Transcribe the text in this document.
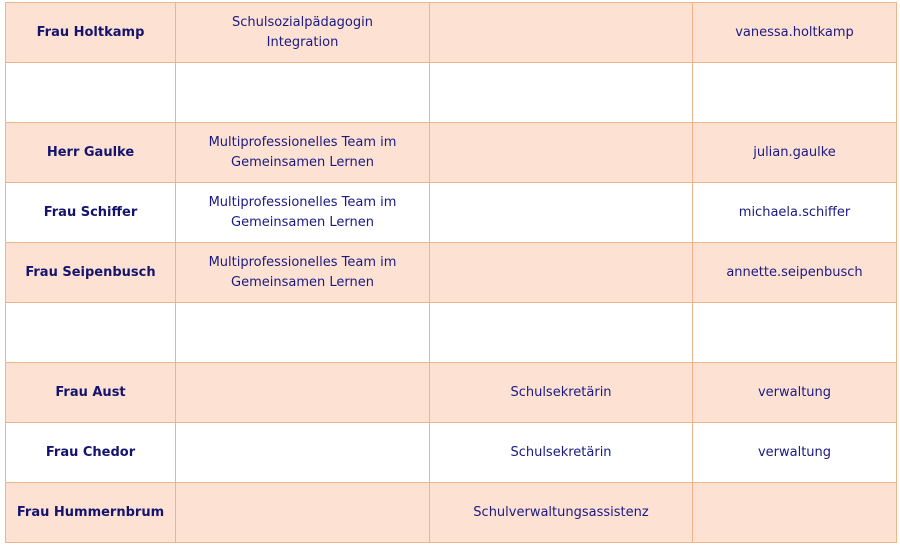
Frau Holtkamp	Schulsozialpädagogin Integration		vanessa.holtkamp

Herr Gaulke	Multiprofessionelles Team im Gemeinsamen Lernen		julian.gaulke
Frau Schiffer	Multiprofessionelles Team im Gemeinsamen Lernen		michaela.schiffer
Frau Seipenbusch	Multiprofessionelles Team im Gemeinsamen Lernen		annette.seipenbusch

Frau Aust		Schulsekretärin	verwaltung
Frau Chedor		Schulsekretärin	verwaltung
Frau Hummernbrum		Schulverwaltungsassistenz	
